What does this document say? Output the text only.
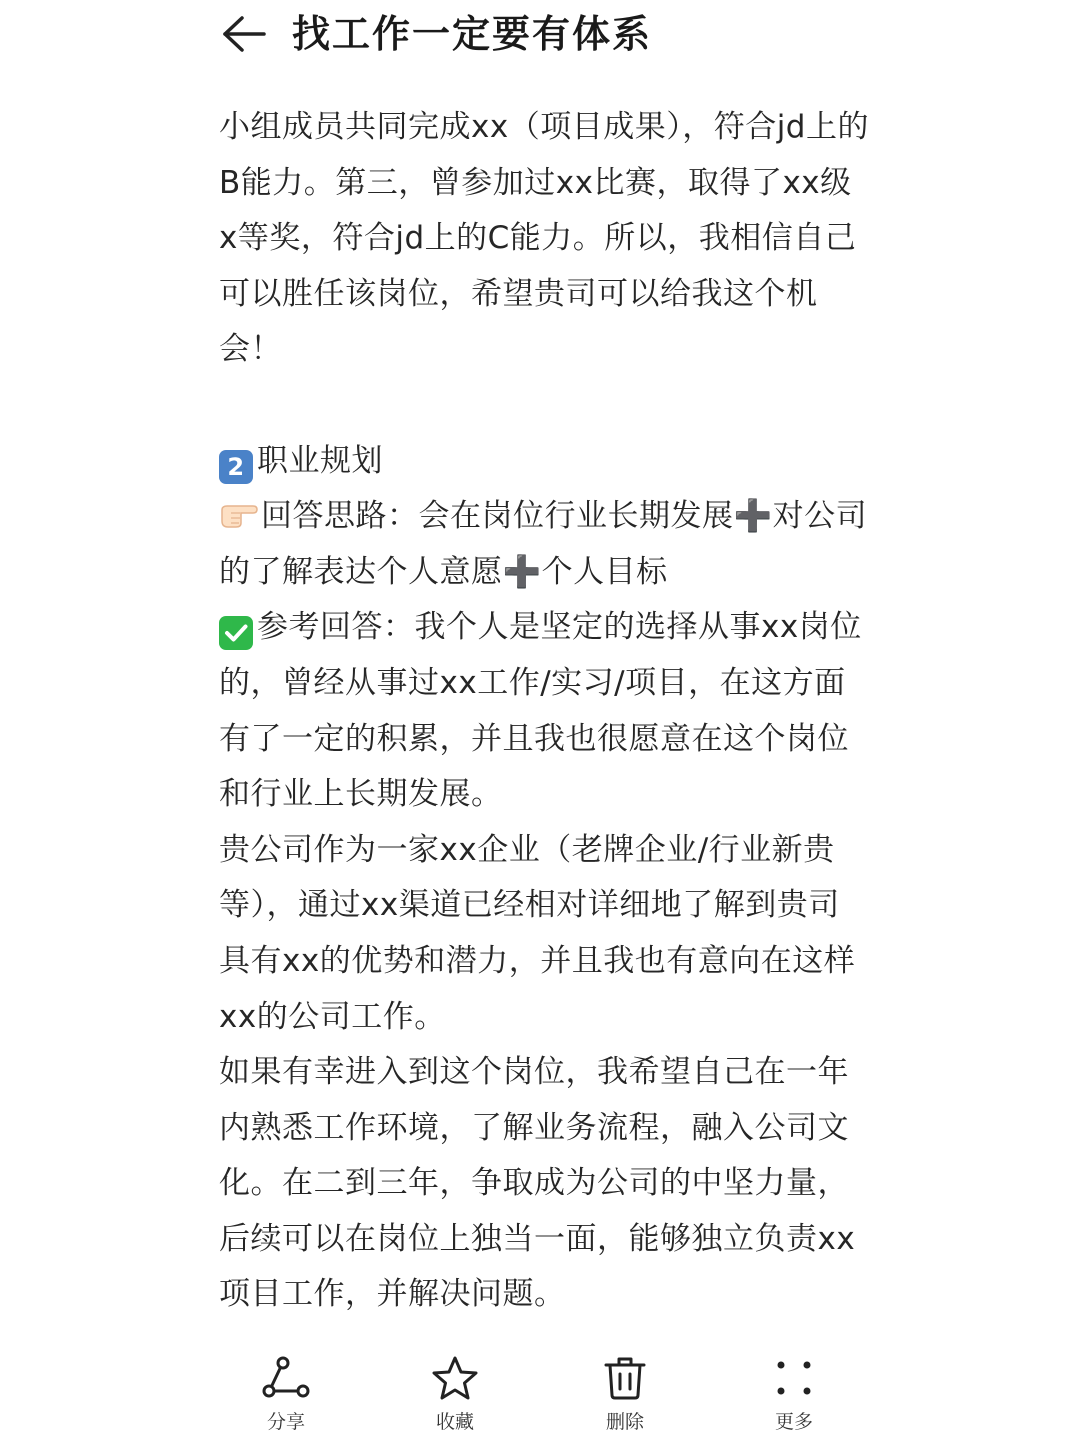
找工作一定要有体系

小组成员共同完成xx（项目成果），符合jd上的B能力。第三，曾参加过xx比赛，取得了xx级x等奖，符合jd上的C能力。所以，我相信自己可以胜任该岗位，希望贵司可以给我这个机会！

2 职业规划

回答思路：会在岗位行业长期发展➕对公司的了解表达个人意愿➕个人目标

参考回答：我个人是坚定的选择从事xx岗位的，曾经从事过xx工作/实习/项目，在这方面有了一定的积累，并且我也很愿意在这个岗位和行业上长期发展。

贵公司作为一家xx企业（老牌企业/行业新贵等），通过xx渠道已经相对详细地了解到贵司具有xx的优势和潜力，并且我也有意向在这样xx的公司工作。

如果有幸进入到这个岗位，我希望自己在一年内熟悉工作环境，了解业务流程，融入公司文化。在二到三年，争取成为公司的中坚力量，后续可以在岗位上独当一面，能够独立负责xx项目工作，并解决问题。

分享	收藏	删除	更多
